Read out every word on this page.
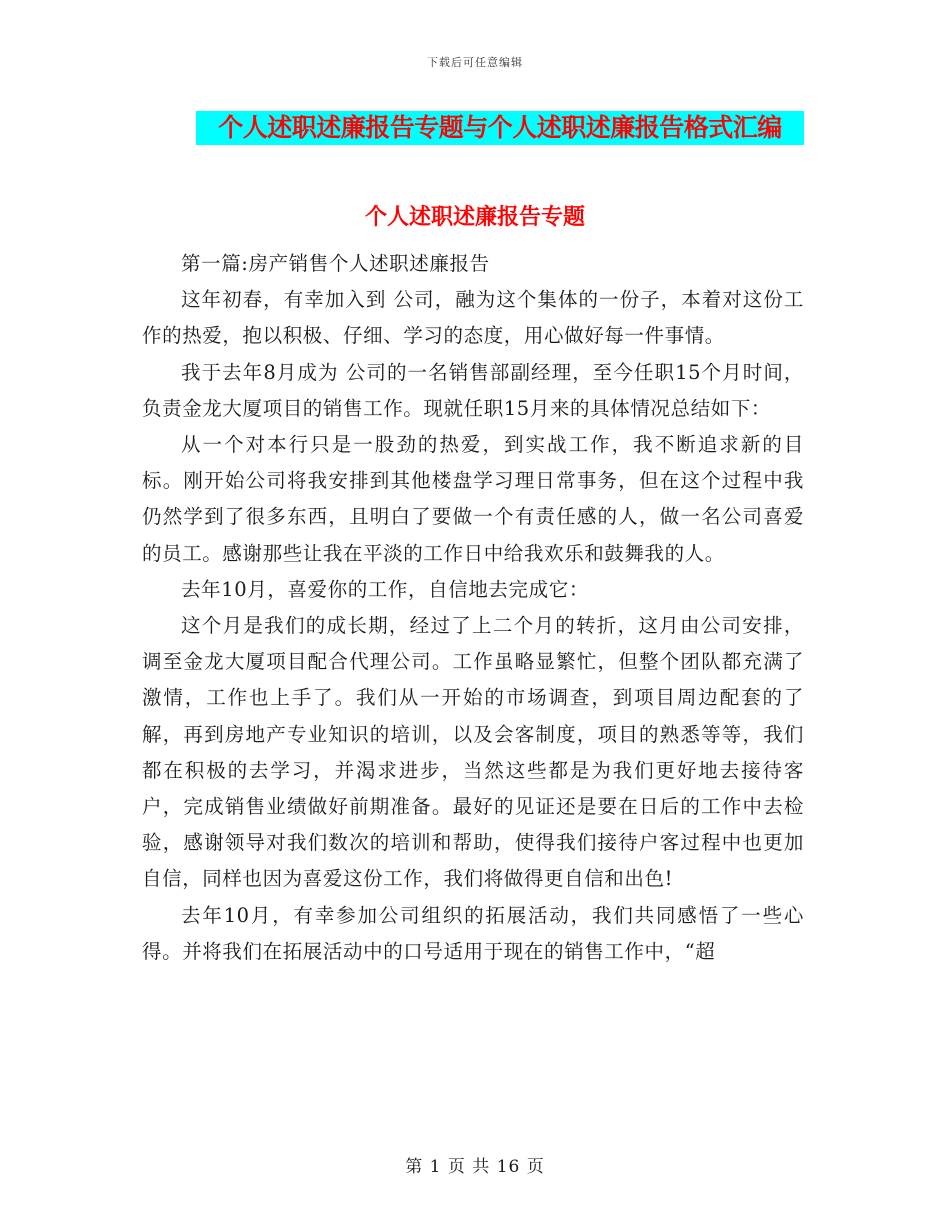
下载后可任意编辑
个人述职述廉报告专题与个人述职述廉报告格式汇编
个人述职述廉报告专题

第一篇:房产销售个人述职述廉报告

这年初春，有幸加入到 公司，融为这个集体的一份子，本着对这份工作的热爱，抱以积极、仔细、学习的态度，用心做好每一件事情。

我于去年8月成为 公司的一名销售部副经理，至今任职15个月时间，负责金龙大厦项目的销售工作。现就任职15月来的具体情况总结如下：

从一个对本行只是一股劲的热爱，到实战工作，我不断追求新的目标。刚开始公司将我安排到其他楼盘学习理日常事务，但在这个过程中我仍然学到了很多东西，且明白了要做一个有责任感的人，做一名公司喜爱的员工。感谢那些让我在平淡的工作日中给我欢乐和鼓舞我的人。

去年10月，喜爱你的工作，自信地去完成它：

这个月是我们的成长期，经过了上二个月的转折，这月由公司安排，调至金龙大厦项目配合代理公司。工作虽略显繁忙，但整个团队都充满了激情，工作也上手了。我们从一开始的市场调查，到项目周边配套的了解，再到房地产专业知识的培训，以及会客制度，项目的熟悉等等，我们都在积极的去学习，并渴求进步，当然这些都是为我们更好地去接待客户，完成销售业绩做好前期准备。最好的见证还是要在日后的工作中去检验，感谢领导对我们数次的培训和帮助，使得我们接待户客过程中也更加自信，同样也因为喜爱这份工作，我们将做得更自信和出色!

去年10月，有幸参加公司组织的拓展活动，我们共同感悟了一些心得。并将我们在拓展活动中的口号适用于现在的销售工作中，“超

第 1 页 共 16 页
